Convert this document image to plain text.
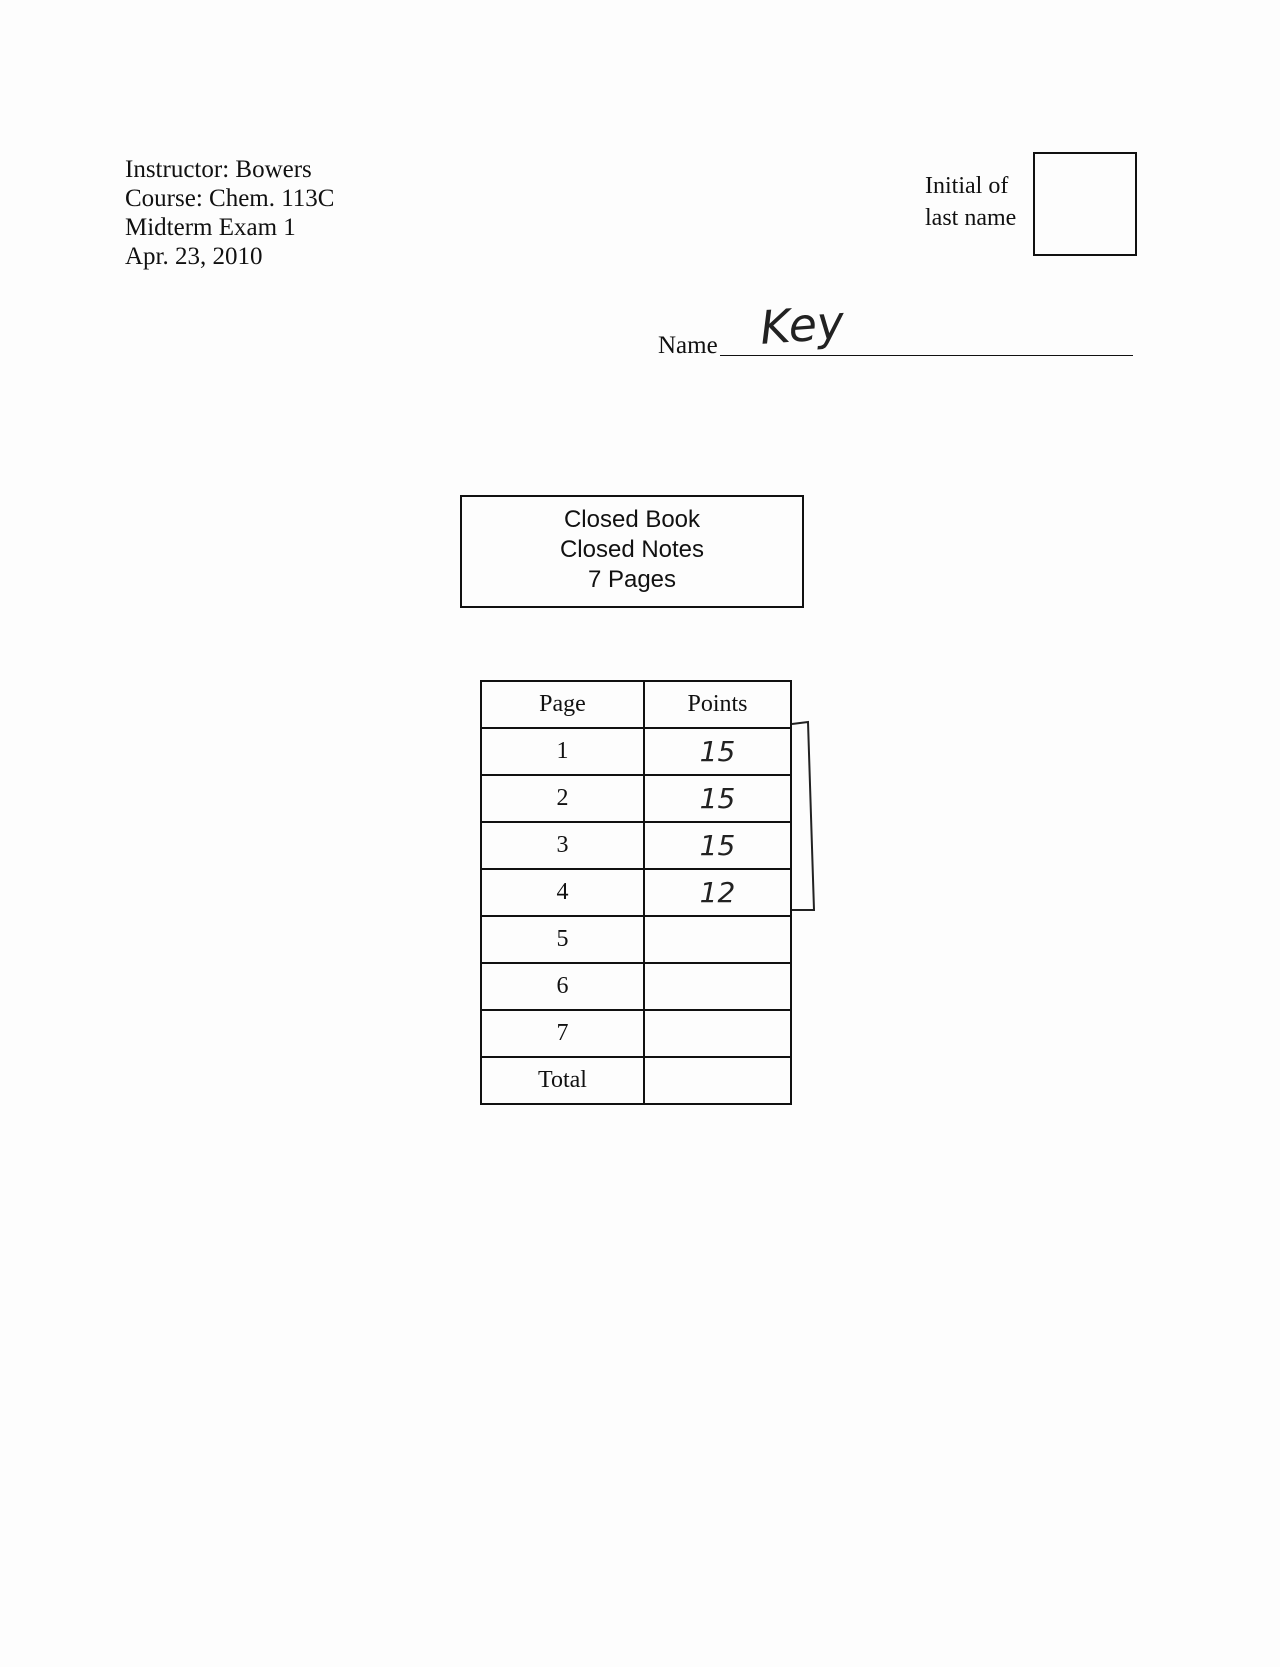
Instructor: Bowers
Course: Chem. 113C
Midterm Exam 1
Apr. 23, 2010
Initial of
last name
Name Key
Closed Book
Closed Notes
7 Pages
Page	Points
1	15
2	15
3	15
4	12
5	
6	
7	
Total	
